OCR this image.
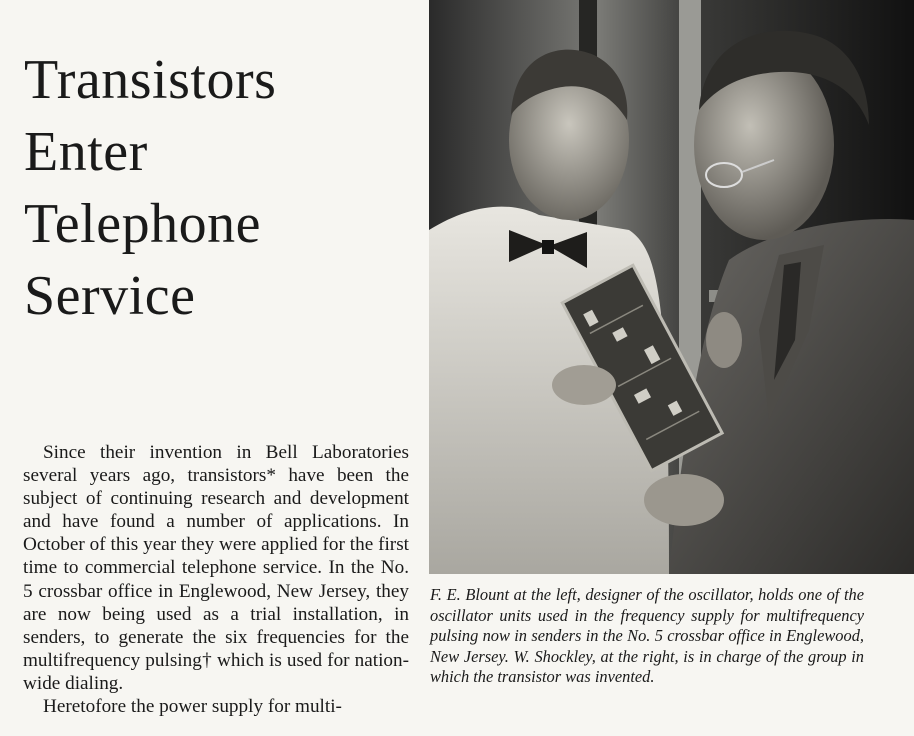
Transistors
Enter
Telephone
Service

Since their invention in Bell Laboratories several years ago, transistors* have been the subject of continuing research and development and have found a number of applications. In October of this year they were applied for the first time to commercial telephone service. In the No. 5 crossbar office in Englewood, New Jersey, they are now being used as a trial installation, in senders, to generate the six frequencies for the multifrequency pulsing† which is used for nation-wide dialing.

Heretofore the power supply for multi-

F. E. Blount at the left, designer of the oscillator, holds one of the oscillator units used in the frequency supply for multifrequency pulsing now in senders in the No. 5 crossbar office in Englewood, New Jersey. W. Shockley, at the right, is in charge of the group in which the transistor was invented.
